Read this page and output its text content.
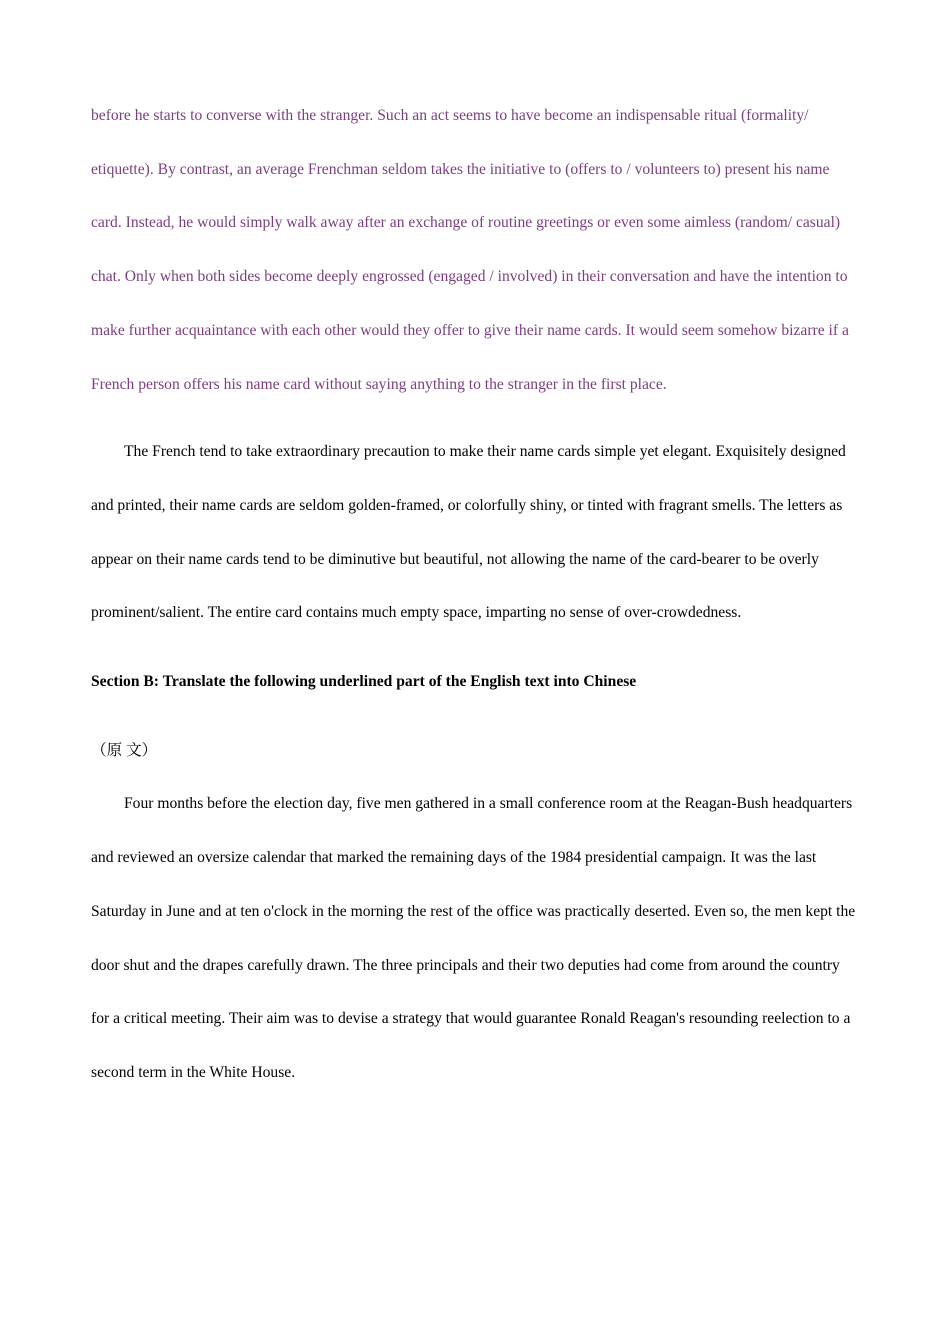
before he starts to converse with the stranger. Such an act seems to have become an indispensable ritual (formality/ etiquette). By contrast, an average Frenchman seldom takes the initiative to (offers to / volunteers to) present his name card. Instead, he would simply walk away after an exchange of routine greetings or even some aimless (random/ casual) chat. Only when both sides become deeply engrossed (engaged / involved) in their conversation and have the intention to make further acquaintance with each other would they offer to give their name cards. It would seem somehow bizarre if a French person offers his name card without saying anything to the stranger in the first place.

The French tend to take extraordinary precaution to make their name cards simple yet elegant. Exquisitely designed and printed, their name cards are seldom golden-framed, or colorfully shiny, or tinted with fragrant smells. The letters as appear on their name cards tend to be diminutive but beautiful, not allowing the name of the card-bearer to be overly prominent/salient. The entire card contains much empty space, imparting no sense of over-crowdedness.

Section B: Translate the following underlined part of the English text into Chinese

（原 文）

Four months before the election day, five men gathered in a small conference room at the Reagan-Bush headquarters and reviewed an oversize calendar that marked the remaining days of the 1984 presidential campaign. It was the last Saturday in June and at ten o'clock in the morning the rest of the office was practically deserted. Even so, the men kept the door shut and the drapes carefully drawn. The three principals and their two deputies had come from around the country for a critical meeting. Their aim was to devise a strategy that would guarantee Ronald Reagan's resounding reelection to a second term in the White House.
